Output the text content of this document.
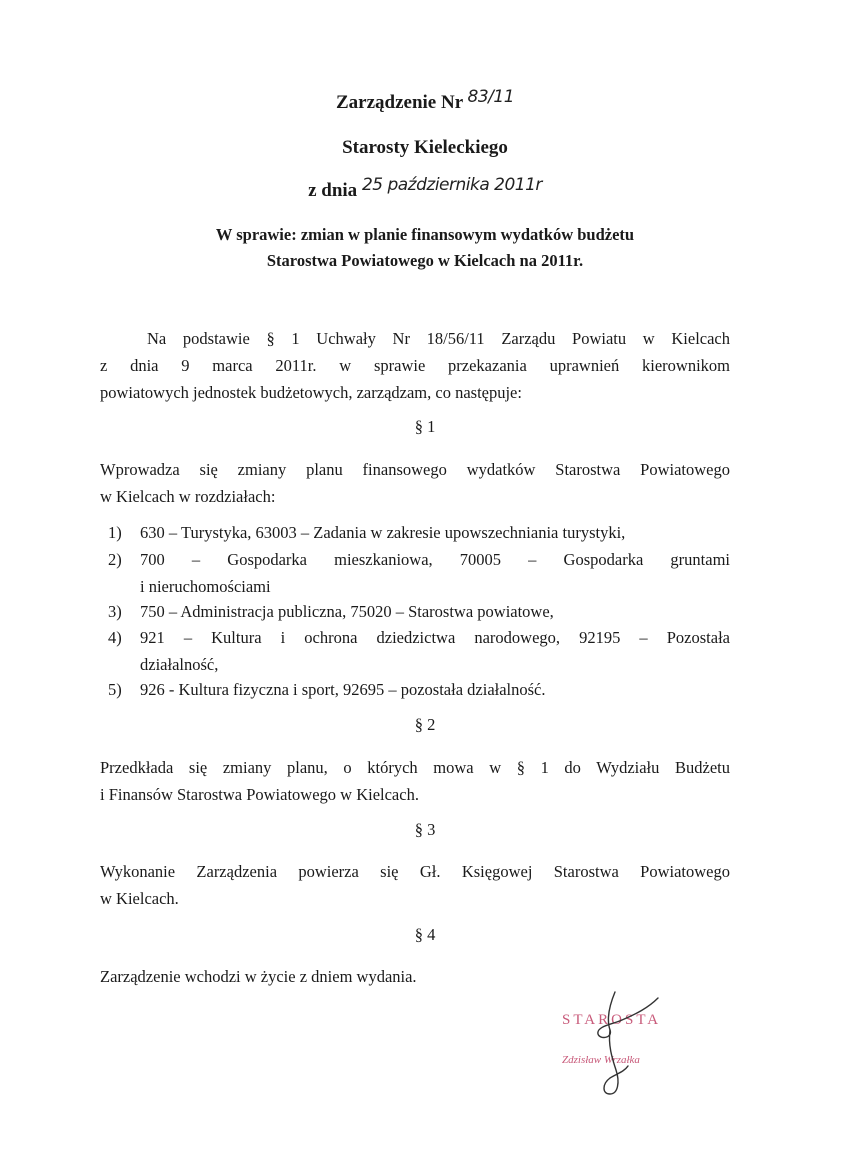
Zarządzenie Nr 83/11
Starosty Kieleckiego
z dnia 25 października 2011r
W sprawie: zmian w planie finansowym wydatków budżetu
Starostwa Powiatowego w Kielcach na 2011r.
Na podstawie § 1 Uchwały Nr 18/56/11 Zarządu Powiatu w Kielcach
z dnia 9 marca 2011r. w sprawie przekazania uprawnień kierownikom
powiatowych jednostek budżetowych, zarządzam, co następuje:
§ 1
Wprowadza się zmiany planu finansowego wydatków Starostwa Powiatowego
w Kielcach w rozdziałach:
1)	630 – Turystyka, 63003 – Zadania w zakresie upowszechniania turystyki,
2)	700 – Gospodarka mieszkaniowa, 70005 – Gospodarka gruntami
i nieruchomościami
3)	750 – Administracja publiczna, 75020 – Starostwa powiatowe,
4)	921 – Kultura i ochrona dziedzictwa narodowego, 92195 – Pozostała
działalność,
5)	926 - Kultura fizyczna i sport, 92695 – pozostała działalność.
§ 2
Przedkłada się zmiany planu, o których mowa w § 1 do Wydziału Budżetu
i Finansów Starostwa Powiatowego w Kielcach.
§ 3
Wykonanie Zarządzenia powierza się Gł. Księgowej Starostwa Powiatowego
w Kielcach.
§ 4
Zarządzenie wchodzi w życie z dniem wydania.
STAROSTA
Zdzisław Wrzałka
